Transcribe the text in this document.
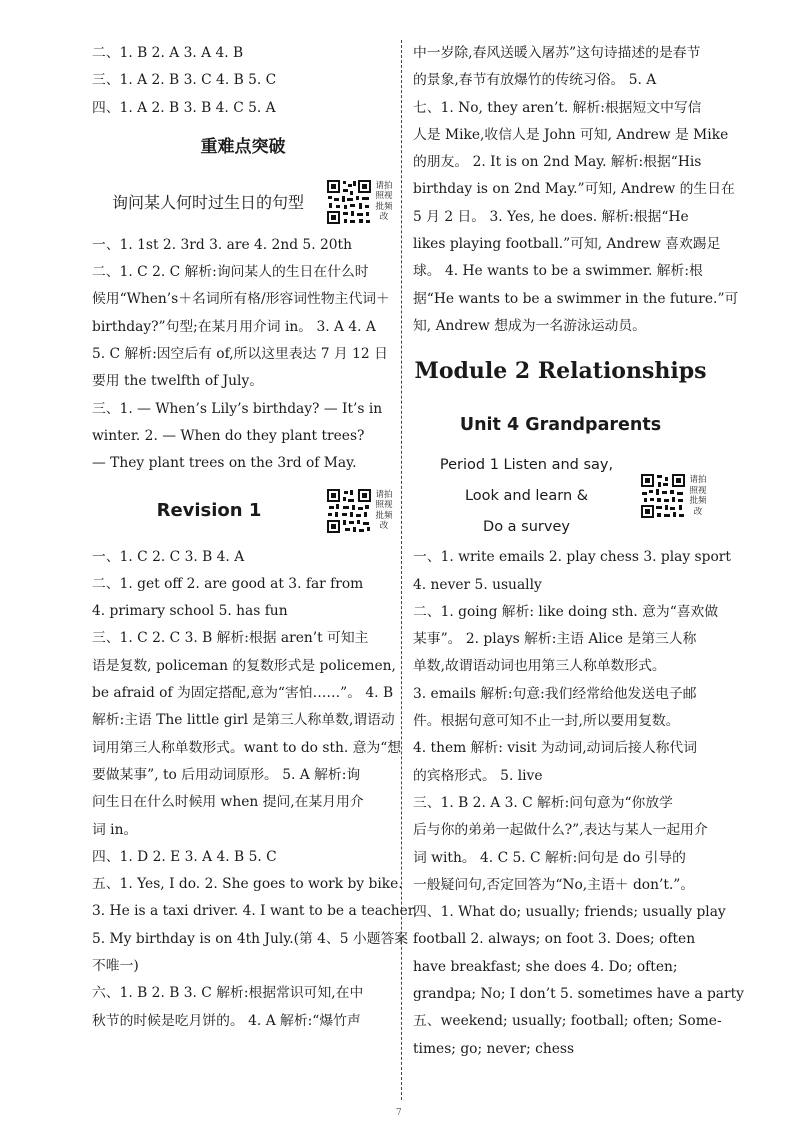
二、1. B 2. A 3. A 4. B
三、1. A 2. B 3. C 4. B 5. C
四、1. A 2. B 3. B 4. C 5. A
重难点突破
询问某人何时过生日的句型
请拍照视批频改
一、1. 1st 2. 3rd 3. are 4. 2nd 5. 20th
二、1. C 2. C 解析:询问某人的生日在什么时
候用“When’s＋名词所有格/形容词性物主代词＋
birthday?”句型;在某月用介词 in。 3. A 4. A
5. C 解析:因空后有 of,所以这里表达 7 月 12 日
要用 the twelfth of July。
三、1. — When’s Lily’s birthday? — It’s in
winter. 2. — When do they plant trees?
— They plant trees on the 3rd of May.
Revision 1
请拍照视批频改
一、1. C 2. C 3. B 4. A
二、1. get off 2. are good at 3. far from
4. primary school 5. has fun
三、1. C 2. C 3. B 解析:根据 aren’t 可知主
语是复数, policeman 的复数形式是 policemen,
be afraid of 为固定搭配,意为“害怕……”。 4. B
解析:主语 The little girl 是第三人称单数,谓语动
词用第三人称单数形式。want to do sth. 意为“想
要做某事”, to 后用动词原形。 5. A 解析:询
问生日在什么时候用 when 提问,在某月用介
词 in。
四、1. D 2. E 3. A 4. B 5. C
五、1. Yes, I do. 2. She goes to work by bike.
3. He is a taxi driver. 4. I want to be a teacher.
5. My birthday is on 4th July.(第 4、5 小题答案
不唯一)
六、1. B 2. B 3. C 解析:根据常识可知,在中
秋节的时候是吃月饼的。 4. A 解析:“爆竹声
中一岁除,春风送暖入屠苏”这句诗描述的是春节
的景象,春节有放爆竹的传统习俗。 5. A
七、1. No, they aren’t. 解析:根据短文中写信
人是 Mike,收信人是 John 可知, Andrew 是 Mike
的朋友。 2. It is on 2nd May. 解析:根据“His
birthday is on 2nd May.”可知, Andrew 的生日在
5 月 2 日。 3. Yes, he does. 解析:根据“He
likes playing football.”可知, Andrew 喜欢踢足
球。 4. He wants to be a swimmer. 解析:根
据“He wants to be a swimmer in the future.”可
知, Andrew 想成为一名游泳运动员。
Module 2 Relationships
Unit 4 Grandparents
Period 1 Listen and say,
Look and learn &
Do a survey
请拍照视批频改
一、1. write emails 2. play chess 3. play sport
4. never 5. usually
二、1. going 解析: like doing sth. 意为“喜欢做
某事”。 2. plays 解析:主语 Alice 是第三人称
单数,故谓语动词也用第三人称单数形式。
3. emails 解析:句意:我们经常给他发送电子邮
件。根据句意可知不止一封,所以要用复数。
4. them 解析: visit 为动词,动词后接人称代词
的宾格形式。 5. live
三、1. B 2. A 3. C 解析:问句意为“你放学
后与你的弟弟一起做什么?”,表达与某人一起用介
词 with。 4. C 5. C 解析:问句是 do 引导的
一般疑问句,否定回答为“No,主语＋ don’t.”。
四、1. What do; usually; friends; usually play
football 2. always; on foot 3. Does; often
have breakfast; she does 4. Do; often;
grandpa; No; I don’t 5. sometimes have a party
五、weekend; usually; football; often; Some-
times; go; never; chess
7
